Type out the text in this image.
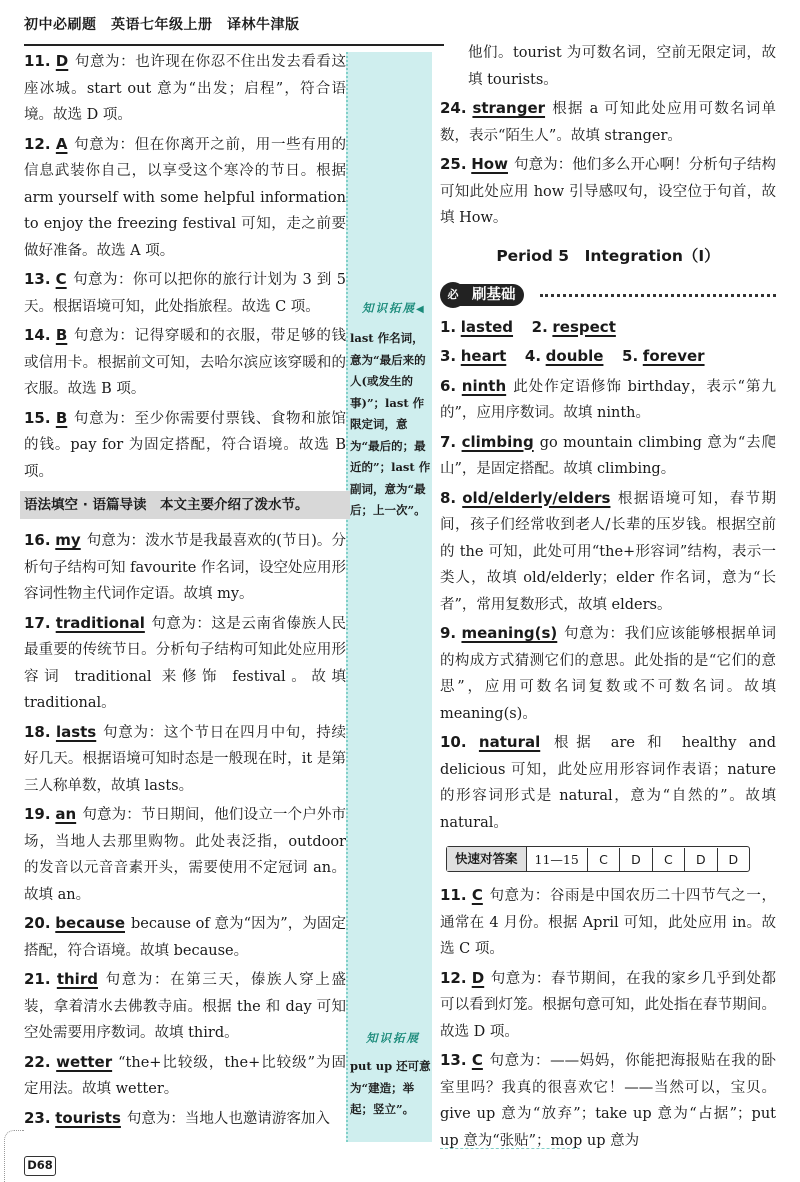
初中必刷题　英语七年级上册　译林牛津版
11. D 句意为：也许现在你忍不住出发去看看这座冰城。start out 意为“出发；启程”，符合语境。故选 D 项。
12. A 句意为：但在你离开之前，用一些有用的信息武装你自己，以享受这个寒冷的节日。根据 arm yourself with some helpful information to enjoy the freezing festival 可知，走之前要做好准备。故选 A 项。
13. C 句意为：你可以把你的旅行计划为 3 到 5 天。根据语境可知，此处指旅程。故选 C 项。
14. B 句意为：记得穿暖和的衣服，带足够的钱或信用卡。根据前文可知，去哈尔滨应该穿暖和的衣服。故选 B 项。
15. B 句意为：至少你需要付票钱、食物和旅馆的钱。pay for 为固定搭配，符合语境。故选 B 项。
语法填空 · 语篇导读　本文主要介绍了泼水节。
16. my 句意为：泼水节是我最喜欢的(节日)。分析句子结构可知 favourite 作名词，设空处应用形容词性物主代词作定语。故填 my。
17. traditional 句意为：这是云南省傣族人民最重要的传统节日。分析句子结构可知此处应用形容词 traditional 来修饰 festival。故填 traditional。
18. lasts 句意为：这个节日在四月中旬，持续好几天。根据语境可知时态是一般现在时，it 是第三人称单数，故填 lasts。
19. an 句意为：节日期间，他们设立一个户外市场，当地人去那里购物。此处表泛指，outdoor 的发音以元音音素开头，需要使用不定冠词 an。故填 an。
20. because because of 意为“因为”，为固定搭配，符合语境。故填 because。
21. third 句意为：在第三天，傣族人穿上盛装，拿着清水去佛教寺庙。根据 the 和 day 可知空处需要用序数词。故填 third。
22. wetter “the+比较级，the+比较级”为固定用法。故填 wetter。
23. tourists 句意为：当地人也邀请游客加入
知识拓展◀
last 作名词，意为“最后来的人(或发生的事)”；last 作限定词，意为“最后的；最近的”；last 作副词，意为“最后；上一次”。
知识拓展
put up 还可意为“建造；举起；竖立”。
他们。tourist 为可数名词，空前无限定词，故填 tourists。
24. stranger 根据 a 可知此处应用可数名词单数，表示“陌生人”。故填 stranger。
25. How 句意为：他们多么开心啊！分析句子结构可知此处应用 how 引导感叹句，设空位于句首，故填 How。
Period 5　Integration（Ⅰ）
刷基础
必
1. lasted 2. respect
3. heart 4. double 5. forever
6. ninth 此处作定语修饰 birthday，表示“第九的”，应用序数词。故填 ninth。
7. climbing go mountain climbing 意为“去爬山”，是固定搭配。故填 climbing。
8. old/elderly/elders 根据语境可知，春节期间，孩子们经常收到老人/长辈的压岁钱。根据空前的 the 可知，此处可用“the+形容词”结构，表示一类人，故填 old/elderly；elder 作名词，意为“长者”，常用复数形式，故填 elders。
9. meaning(s) 句意为：我们应该能够根据单词的构成方式猜测它们的意思。此处指的是“它们的意思”，应用可数名词复数或不可数名词。故填 meaning(s)。
10. natural 根据 are 和 healthy and delicious 可知，此处应用形容词作表语；nature 的形容词形式是 natural，意为“自然的”。故填 natural。
快速对答案	11—15	C	D	C	D	D
11. C 句意为：谷雨是中国农历二十四节气之一，通常在 4 月份。根据 April 可知，此处应用 in。故选 C 项。
12. D 句意为：春节期间，在我的家乡几乎到处都可以看到灯笼。根据句意可知，此处指在春节期间。故选 D 项。
13. C 句意为：——妈妈，你能把海报贴在我的卧室里吗？我真的很喜欢它！——当然可以，宝贝。give up 意为“放弃”；take up 意为“占据”；put up 意为“张贴”；mop up 意为
D68
